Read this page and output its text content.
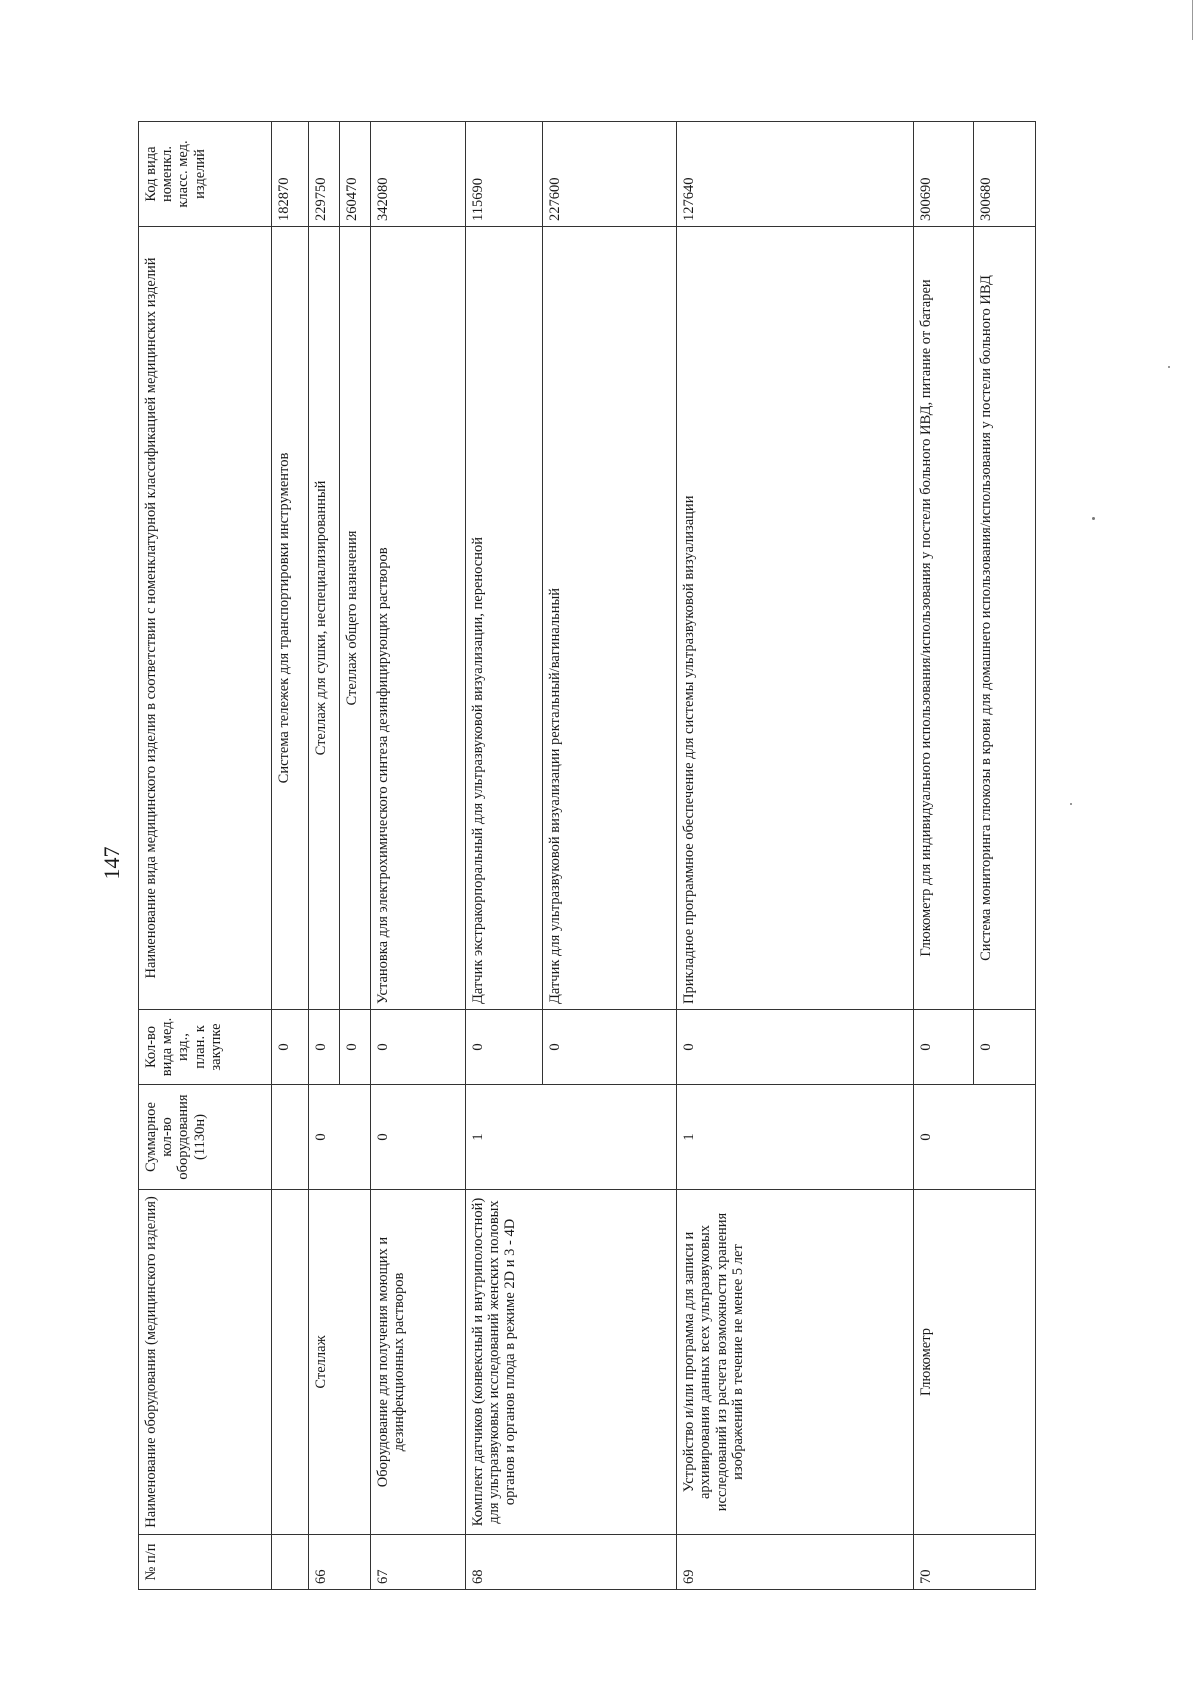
147
№ п/п	Наименование оборудования (медицинского изделия)	Суммарное кол-во оборудования (1130н)	Кол-во вида мед. изд., план. к закупке	Наименование вида медицинского изделия в соответствии с номенклатурной классификацией медицинских изделий	Код вида номенкл. класс. мед. изделий
			0	Система тележек для транспортировки инструментов	182870
66	Стеллаж	0	0	Стеллаж для сушки, неспециализированный	229750
			0	Стеллаж общего назначения	260470
67	Оборудование для получения моющих и дезинфекционных растворов	0	0	Установка для электрохимического синтеза дезинфицирующих растворов	342080
68	Комплект датчиков (конвексный и внутриполостной) для ультразвуковых исследований женских половых органов и органов плода в режиме 2D и 3 - 4D	1	0	Датчик экстракорпоральный для ультразвуковой визуализации, переносной	115690
			0	Датчик для ультразвуковой визуализации ректальный/вагинальный	227600
69	Устройство и/или программа для записи и архивирования данных всех ультразвуковых исследований из расчета возможности хранения изображений в течение не менее 5 лет	1	0	Прикладное программное обеспечение для системы ультразвуковой визуализации	127640
70	Глюкометр	0	0	Глюкометр для индивидуального использования/использования у постели больного ИВД, питание от батареи	300690
			0	Система мониторинга глюкозы в крови для домашнего использования/использования у постели больного ИВД	300680
